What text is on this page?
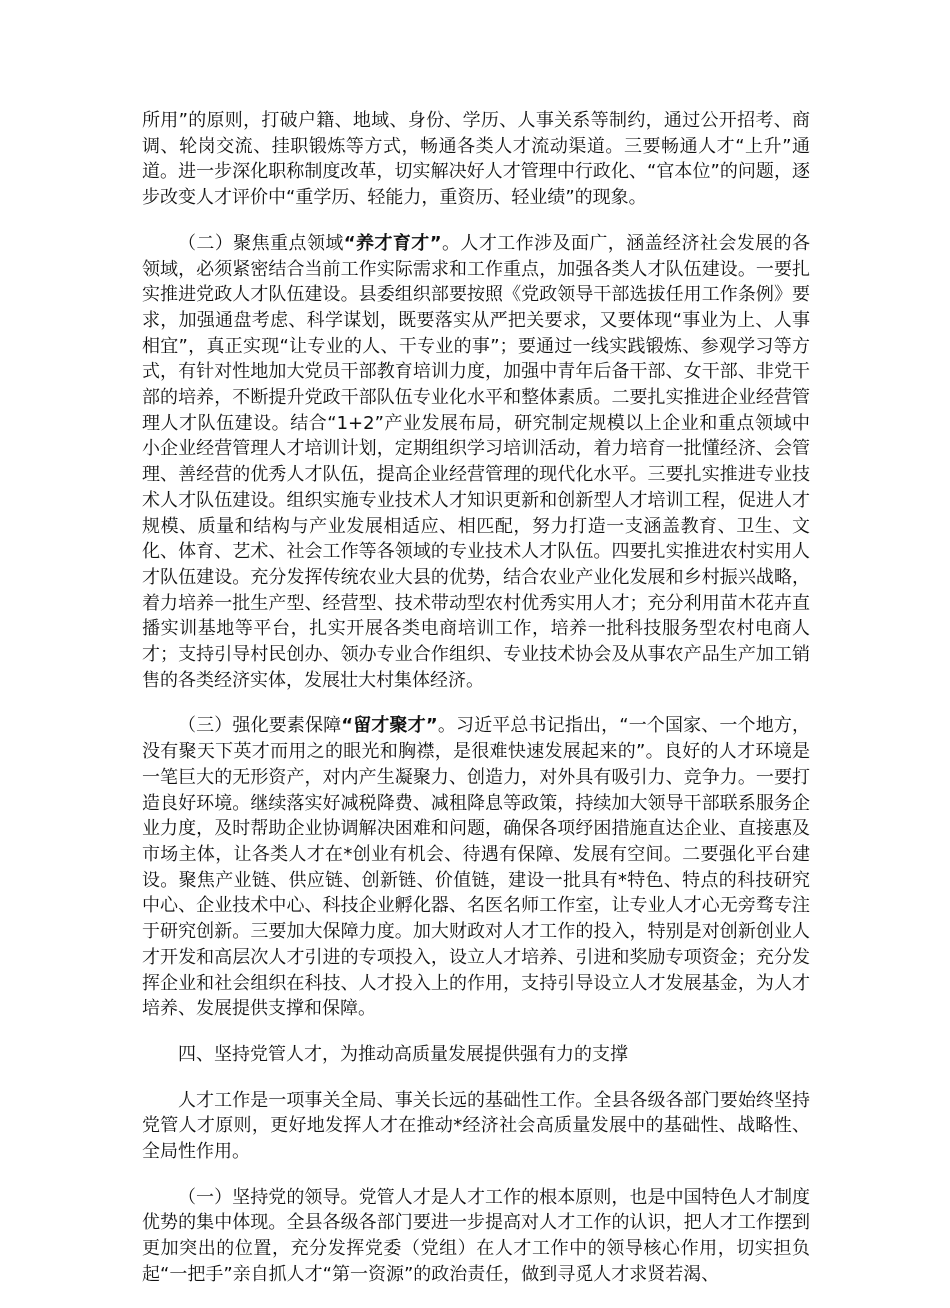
所用”的原则，打破户籍、地域、身份、学历、人事关系等制约，通过公开招考、商调、轮岗交流、挂职锻炼等方式，畅通各类人才流动渠道。三要畅通人才“上升”通道。进一步深化职称制度改革，切实解决好人才管理中行政化、“官本位”的问题，逐步改变人才评价中“重学历、轻能力，重资历、轻业绩”的现象。

（二）聚焦重点领域“养才育才”。人才工作涉及面广，涵盖经济社会发展的各领域，必须紧密结合当前工作实际需求和工作重点，加强各类人才队伍建设。一要扎实推进党政人才队伍建设。县委组织部要按照《党政领导干部选拔任用工作条例》要求，加强通盘考虑、科学谋划，既要落实从严把关要求，又要体现“事业为上、人事相宜”，真正实现“让专业的人、干专业的事”；要通过一线实践锻炼、参观学习等方式，有针对性地加大党员干部教育培训力度，加强中青年后备干部、女干部、非党干部的培养，不断提升党政干部队伍专业化水平和整体素质。二要扎实推进企业经营管理人才队伍建设。结合“1+2”产业发展布局，研究制定规模以上企业和重点领域中小企业经营管理人才培训计划，定期组织学习培训活动，着力培育一批懂经济、会管理、善经营的优秀人才队伍，提高企业经营管理的现代化水平。三要扎实推进专业技术人才队伍建设。组织实施专业技术人才知识更新和创新型人才培训工程，促进人才规模、质量和结构与产业发展相适应、相匹配，努力打造一支涵盖教育、卫生、文化、体育、艺术、社会工作等各领域的专业技术人才队伍。四要扎实推进农村实用人才队伍建设。充分发挥传统农业大县的优势，结合农业产业化发展和乡村振兴战略，着力培养一批生产型、经营型、技术带动型农村优秀实用人才；充分利用苗木花卉直播实训基地等平台，扎实开展各类电商培训工作，培养一批科技服务型农村电商人才；支持引导村民创办、领办专业合作组织、专业技术协会及从事农产品生产加工销售的各类经济实体，发展壮大村集体经济。

（三）强化要素保障“留才聚才”。习近平总书记指出，“一个国家、一个地方，没有聚天下英才而用之的眼光和胸襟，是很难快速发展起来的”。良好的人才环境是一笔巨大的无形资产，对内产生凝聚力、创造力，对外具有吸引力、竞争力。一要打造良好环境。继续落实好减税降费、减租降息等政策，持续加大领导干部联系服务企业力度，及时帮助企业协调解决困难和问题，确保各项纾困措施直达企业、直接惠及市场主体，让各类人才在*创业有机会、待遇有保障、发展有空间。二要强化平台建设。聚焦产业链、供应链、创新链、价值链，建设一批具有*特色、特点的科技研究中心、企业技术中心、科技企业孵化器、名医名师工作室，让专业人才心无旁骛专注于研究创新。三要加大保障力度。加大财政对人才工作的投入，特别是对创新创业人才开发和高层次人才引进的专项投入，设立人才培养、引进和奖励专项资金；充分发挥企业和社会组织在科技、人才投入上的作用，支持引导设立人才发展基金，为人才培养、发展提供支撑和保障。

四、坚持党管人才，为推动高质量发展提供强有力的支撑

人才工作是一项事关全局、事关长远的基础性工作。全县各级各部门要始终坚持党管人才原则，更好地发挥人才在推动*经济社会高质量发展中的基础性、战略性、全局性作用。

（一）坚持党的领导。党管人才是人才工作的根本原则，也是中国特色人才制度优势的集中体现。全县各级各部门要进一步提高对人才工作的认识，把人才工作摆到更加突出的位置，充分发挥党委（党组）在人才工作中的领导核心作用，切实担负起“一把手”亲自抓人才“第一资源”的政治责任，做到寻觅人才求贤若渴、
